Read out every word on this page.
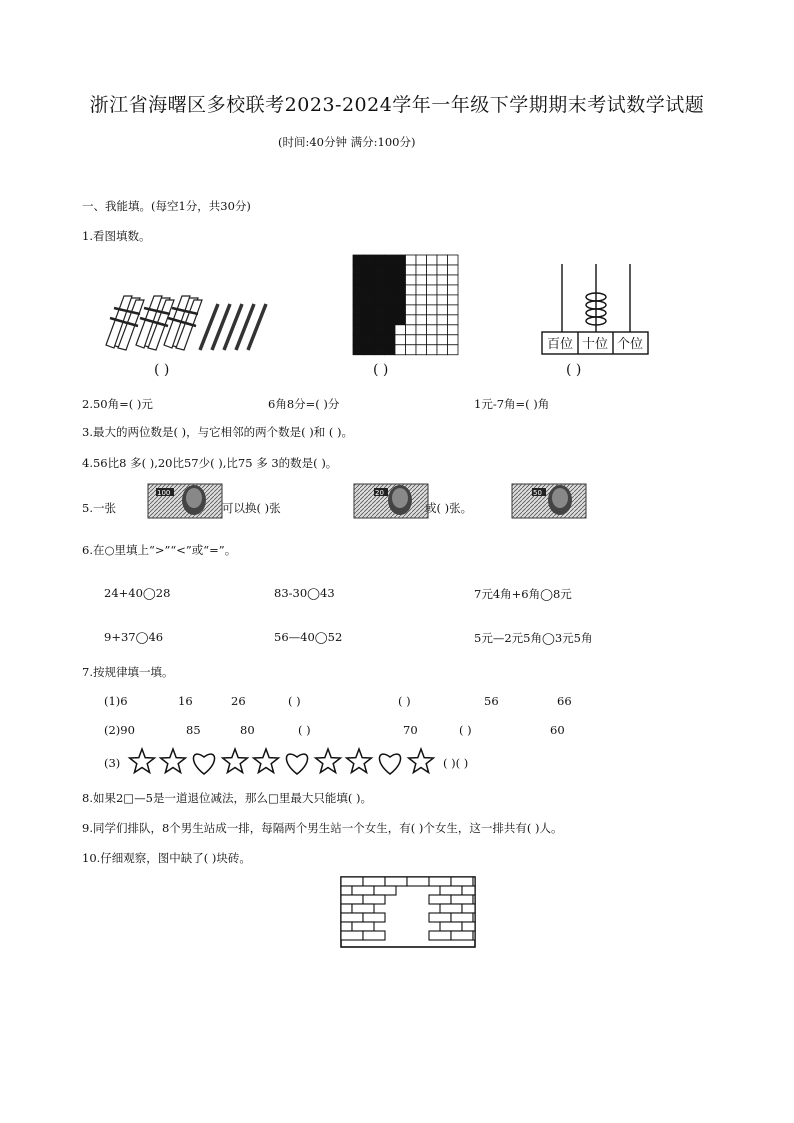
浙江省海曙区多校联考2023-2024学年一年级下学期期末考试数学试题
(时间:40分钟 满分:100分)
一、我能填。(每空1分，共30分)
1.看图填数。
( )	( )
百位 十位 个位
( )
2.50角=( )元	6角8分=( )分	1元-7角=( )角
3.最大的两位数是( )，与它相邻的两个数是( )和 ( )。
4.56比8 多( ),20比57少( ),比75 多 3的数是( )。
5.一张
100
可以换( )张
20
或( )张。
50
6.在○里填上“>”“<”或“=”。
24+40◯28	83-30◯43	7元4角+6角◯8元
9+37◯46	56—40◯52	5元—2元5角◯3元5角
7.按规律填一填。
(1)6	16	26	( )	( )	56	66
(2)90	85	80	( )	70	( )	60
(3)	( )( )
8.如果2□—5是一道退位减法，那么□里最大只能填( )。
9.同学们排队，8个男生站成一排，每隔两个男生站一个女生，有( )个女生，这一排共有( )人。
10.仔细观察，图中缺了( )块砖。
